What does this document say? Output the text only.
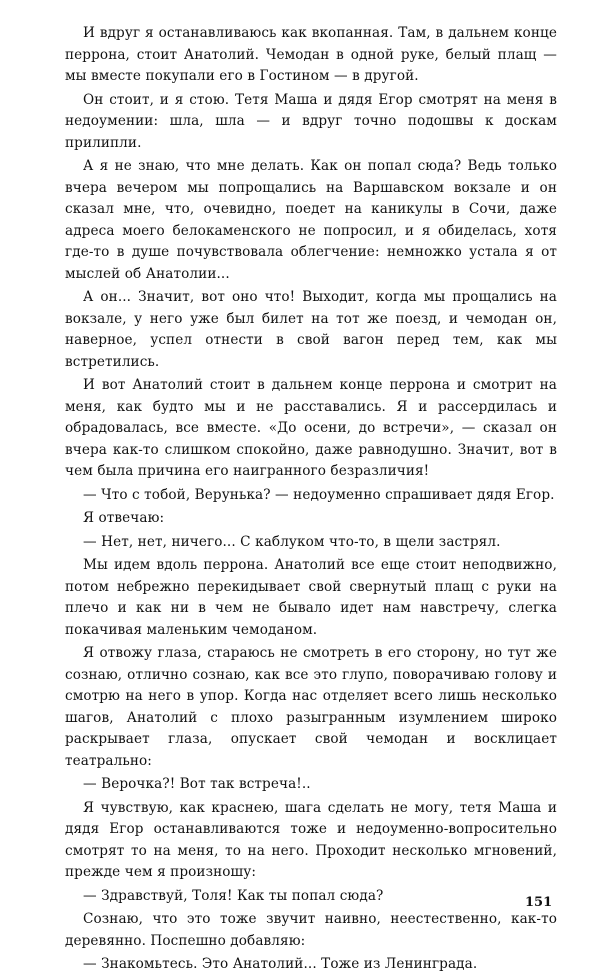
И вдруг я останавливаюсь как вкопанная. Там, в дальнем конце перрона, стоит Анатолий. Чемодан в одной руке, белый плащ — мы вместе покупали его в Гостином — в другой.

Он стоит, и я стою. Тетя Маша и дядя Егор смотрят на меня в недоумении: шла, шла — и вдруг точно подошвы к доскам прилипли.

А я не знаю, что мне делать. Как он попал сюда? Ведь только вчера вечером мы попрощались на Варшавском вокзале и он сказал мне, что, очевидно, поедет на каникулы в Сочи, даже адреса моего белокаменского не попросил, и я обиделась, хотя где-то в душе почувствовала облегчение: немножко устала я от мыслей об Анатолии...

А он... Значит, вот оно что! Выходит, когда мы прощались на вокзале, у него уже был билет на тот же поезд, и чемодан он, наверное, успел отнести в свой вагон перед тем, как мы встретились.

И вот Анатолий стоит в дальнем конце перрона и смотрит на меня, как будто мы и не расставались. Я и рассердилась и обрадовалась, все вместе. «До осени, до встречи», — сказал он вчера как-то слишком спокойно, даже равнодушно. Значит, вот в чем была причина его наигранного безразличия!

— Что с тобой, Верунька? — недоуменно спрашивает дядя Егор.

Я отвечаю:

— Нет, нет, ничего... С каблуком что-то, в щели застрял.

Мы идем вдоль перрона. Анатолий все еще стоит неподвижно, потом небрежно перекидывает свой свернутый плащ с руки на плечо и как ни в чем не бывало идет нам навстречу, слегка покачивая маленьким чемоданом.

Я отвожу глаза, стараюсь не смотреть в его сторону, но тут же сознаю, отлично сознаю, как все это глупо, поворачиваю голову и смотрю на него в упор. Когда нас отделяет всего лишь несколько шагов, Анатолий с плохо разыгранным изумлением широко раскрывает глаза, опускает свой чемодан и восклицает театрально:

— Верочка?! Вот так встреча!..

Я чувствую, как краснею, шага сделать не могу, тетя Маша и дядя Егор останавливаются тоже и недоуменно-вопросительно смотрят то на меня, то на него. Проходит несколько мгновений, прежде чем я произношу:

— Здравствуй, Толя! Как ты попал сюда?

Сознаю, что это тоже звучит наивно, неестественно, как-то деревянно. Поспешно добавляю:

— Знакомьтесь. Это Анатолий... Тоже из Ленинграда.

151
